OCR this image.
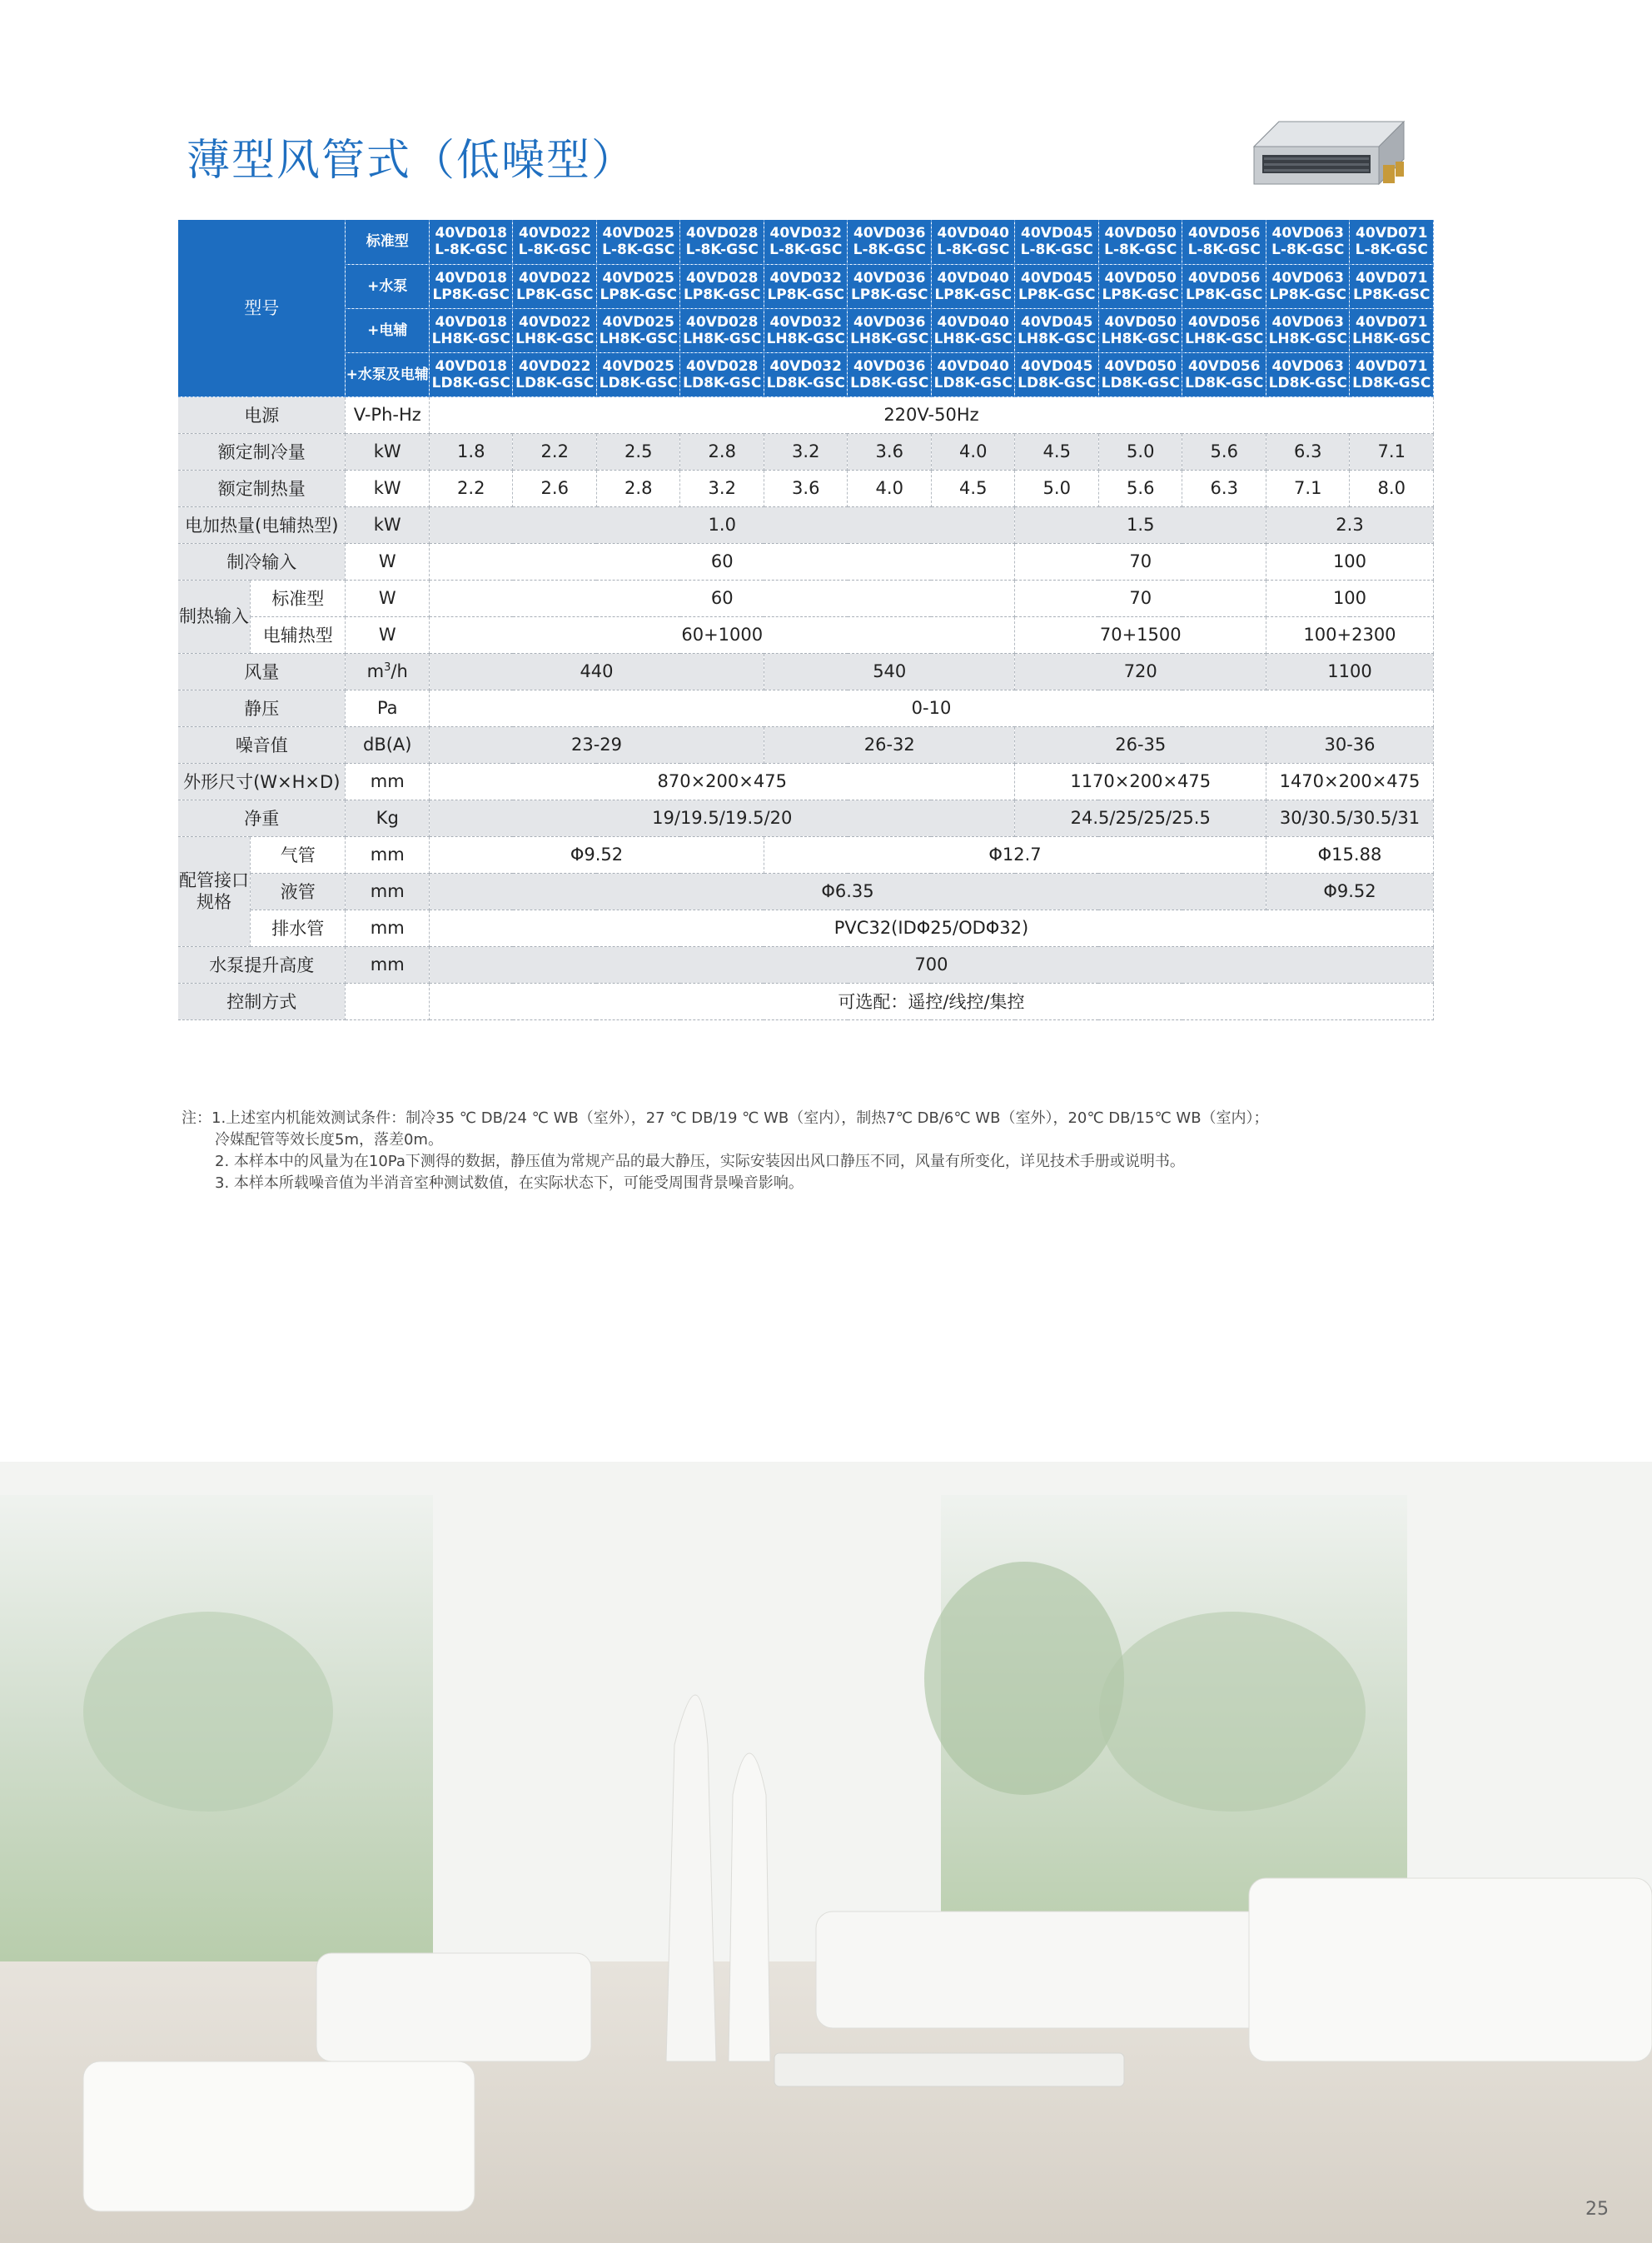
薄型风管式（低噪型）
型号		标准型	40VD018 L-8K-GSC	40VD022 L-8K-GSC	40VD025 L-8K-GSC	40VD028 L-8K-GSC	40VD032 L-8K-GSC	40VD036 L-8K-GSC	40VD040 L-8K-GSC	40VD045 L-8K-GSC	40VD050 L-8K-GSC	40VD056 L-8K-GSC	40VD063 L-8K-GSC	40VD071 L-8K-GSC
		+水泵	40VD018 LP8K-GSC	40VD022 LP8K-GSC	40VD025 LP8K-GSC	40VD028 LP8K-GSC	40VD032 LP8K-GSC	40VD036 LP8K-GSC	40VD040 LP8K-GSC	40VD045 LP8K-GSC	40VD050 LP8K-GSC	40VD056 LP8K-GSC	40VD063 LP8K-GSC	40VD071 LP8K-GSC
		+电辅	40VD018 LH8K-GSC	40VD022 LH8K-GSC	40VD025 LH8K-GSC	40VD028 LH8K-GSC	40VD032 LH8K-GSC	40VD036 LH8K-GSC	40VD040 LH8K-GSC	40VD045 LH8K-GSC	40VD050 LH8K-GSC	40VD056 LH8K-GSC	40VD063 LH8K-GSC	40VD071 LH8K-GSC
		+水泵及电辅	40VD018 LD8K-GSC	40VD022 LD8K-GSC	40VD025 LD8K-GSC	40VD028 LD8K-GSC	40VD032 LD8K-GSC	40VD036 LD8K-GSC	40VD040 LD8K-GSC	40VD045 LD8K-GSC	40VD050 LD8K-GSC	40VD056 LD8K-GSC	40VD063 LD8K-GSC	40VD071 LD8K-GSC
电源		V-Ph-Hz	220V-50Hz											
额定制冷量		kW	1.8	2.2	2.5	2.8	3.2	3.6	4.0	4.5	5.0	5.6	6.3	7.1
额定制热量		kW	2.2	2.6	2.8	3.2	3.6	4.0	4.5	5.0	5.6	6.3	7.1	8.0
电加热量(电辅热型)		kW	1.0							1.5			2.3	
制冷输入		W	60							70			100	
制热输入	标准型	W	60							70			100	
	电辅热型	W	60+1000							70+1500			100+2300	
风量		$m^3/h$	440				540			720			1100	
静压		Pa	0-10											
噪音值		dB(A)	23-29				26-32			26-35			30-36	
外形尺寸(W×H×D)		mm	870×200×475							1170×200×475			1470×200×475	
净重		Kg	19/19.5/19.5/20							24.5/25/25/25.5			30/30.5/30.5/31	
配管接口规格	气管	mm	Φ9.52				Φ12.7						Φ15.88	
	液管	mm	Φ6.35										Φ9.52	
	排水管	mm	PVC32(IDΦ25/ODΦ32)											
水泵提升高度		mm	700											
控制方式			可选配：遥控/线控/集控											
注：1.上述室内机能效测试条件：制冷35 ℃ DB/24 ℃ WB（室外），27 ℃ DB/19 ℃ WB（室内），制热7℃ DB/6℃ WB（室外），20℃ DB/15℃ WB（室内）；
冷媒配管等效长度5m，落差0m。
2. 本样本中的风量为在10Pa下测得的数据，静压值为常规产品的最大静压，实际安装因出风口静压不同，风量有所变化，详见技术手册或说明书。
3. 本样本所载噪音值为半消音室种测试数值，在实际状态下，可能受周围背景噪音影响。
25
